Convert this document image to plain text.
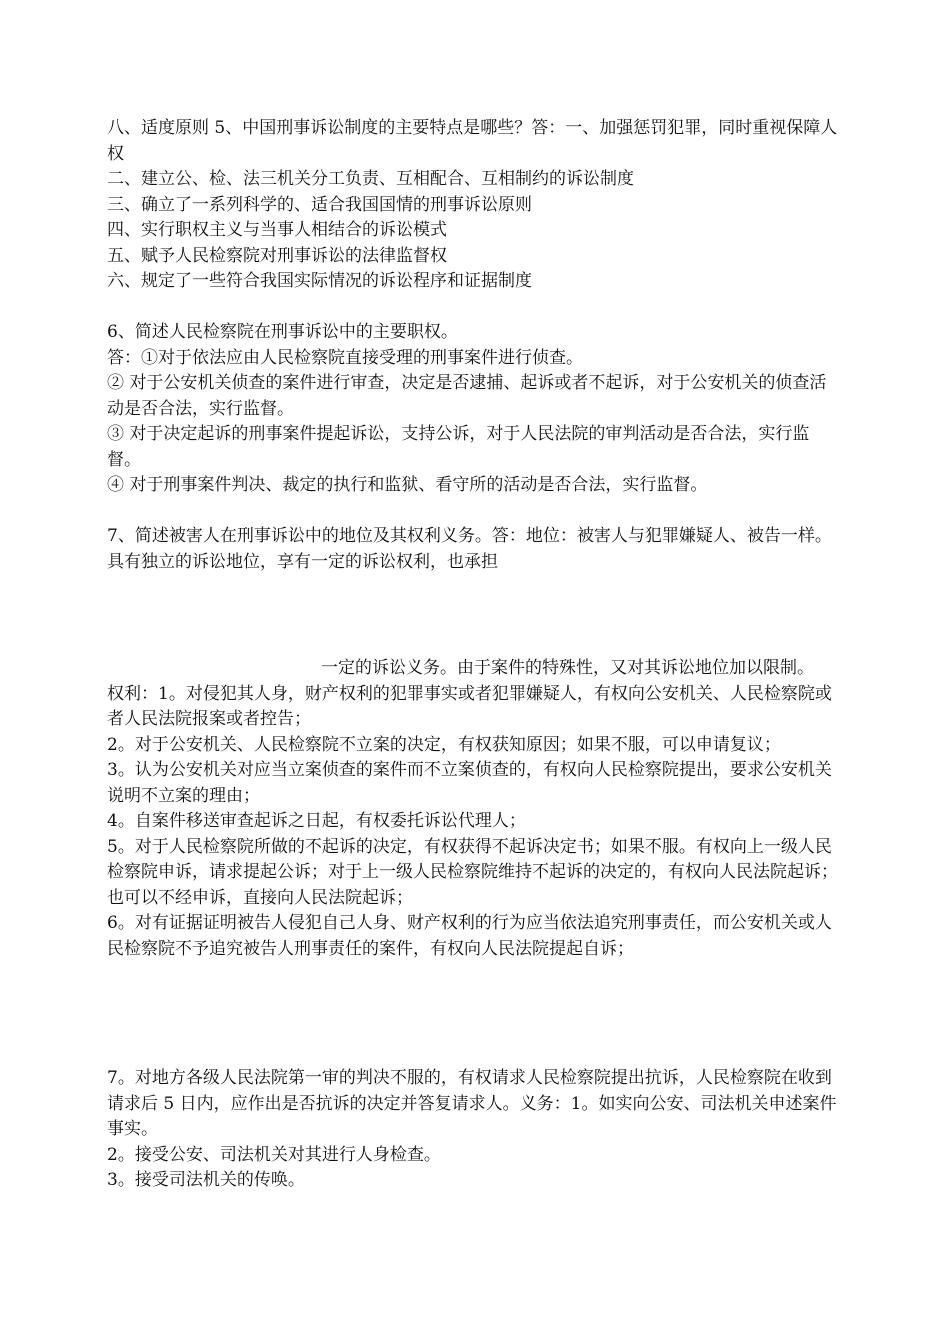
八、适度原则 5、中国刑事诉讼制度的主要特点是哪些？答：一、加强惩罚犯罪，同时重视保障人权

二、建立公、检、法三机关分工负责、互相配合、互相制约的诉讼制度

三、确立了一系列科学的、适合我国国情的刑事诉讼原则

四、实行职权主义与当事人相结合的诉讼模式

五、赋予人民检察院对刑事诉讼的法律监督权

六、规定了一些符合我国实际情况的诉讼程序和证据制度

6、简述人民检察院在刑事诉讼中的主要职权。

答：①对于依法应由人民检察院直接受理的刑事案件进行侦查。

② 对于公安机关侦查的案件进行审查，决定是否逮捕、起诉或者不起诉，对于公安机关的侦查活动是否合法，实行监督。

③ 对于决定起诉的刑事案件提起诉讼，支持公诉，对于人民法院的审判活动是否合法，实行监督。

④ 对于刑事案件判决、裁定的执行和监狱、看守所的活动是否合法，实行监督。

7、简述被害人在刑事诉讼中的地位及其权利义务。答：地位：被害人与犯罪嫌疑人、被告一样。具有独立的诉讼地位，享有一定的诉讼权利，也承担

一定的诉讼义务。由于案件的特殊性，又对其诉讼地位加以限制。

权利：1。对侵犯其人身，财产权利的犯罪事实或者犯罪嫌疑人，有权向公安机关、人民检察院或者人民法院报案或者控告；

2。对于公安机关、人民检察院不立案的决定，有权获知原因；如果不服，可以申请复议；

3。认为公安机关对应当立案侦查的案件而不立案侦查的，有权向人民检察院提出，要求公安机关说明不立案的理由；

4。自案件移送审查起诉之日起，有权委托诉讼代理人；

5。对于人民检察院所做的不起诉的决定，有权获得不起诉决定书；如果不服。有权向上一级人民检察院申诉，请求提起公诉；对于上一级人民检察院维持不起诉的决定的，有权向人民法院起诉；也可以不经申诉，直接向人民法院起诉；

6。对有证据证明被告人侵犯自己人身、财产权利的行为应当依法追究刑事责任，而公安机关或人民检察院不予追究被告人刑事责任的案件，有权向人民法院提起自诉；

7。对地方各级人民法院第一审的判决不服的，有权请求人民检察院提出抗诉，人民检察院在收到请求后 5 日内，应作出是否抗诉的决定并答复请求人。义务：1。如实向公安、司法机关申述案件事实。

2。接受公安、司法机关对其进行人身检查。

3。接受司法机关的传唤。
